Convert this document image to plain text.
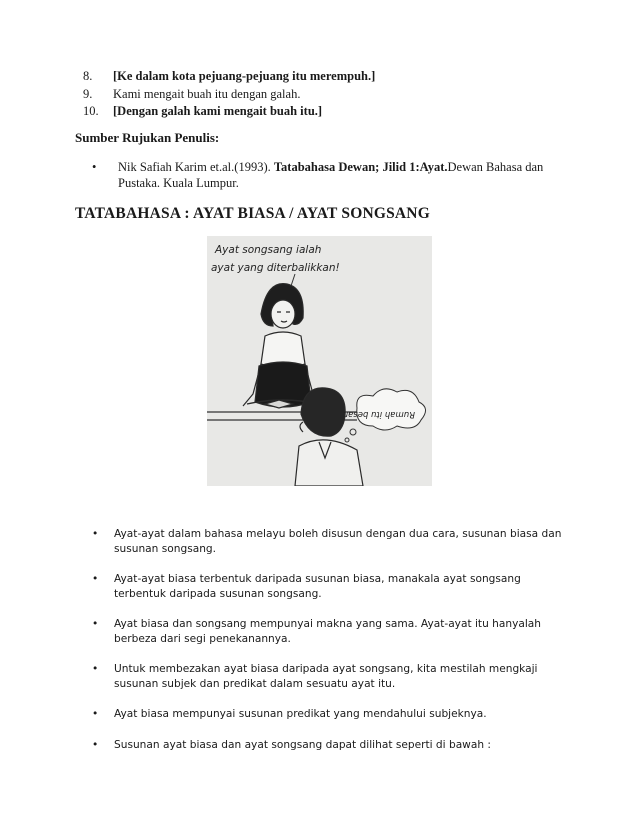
8.	[Ke dalam kota pejuang-pejuang itu merempuh.]
9.	Kami mengait buah itu dengan galah.
10.	[Dengan galah kami mengait buah itu.]
Sumber Rujukan Penulis:
•	Nik Safiah Karim et.al.(1993). Tatabahasa Dewan; Jilid 1:Ayat.Dewan Bahasa dan Pustaka. Kuala Lumpur.
TATABAHASA : AYAT BIASA / AYAT SONGSANG
Ayat songsang ialah
ayat yang diterbalikkan!
Rumah itu besar.
•	Ayat-ayat dalam bahasa melayu boleh disusun dengan dua cara, susunan biasa dan susunan songsang.
•	Ayat-ayat biasa terbentuk daripada susunan biasa, manakala ayat songsang terbentuk daripada susunan songsang.
•	Ayat biasa dan songsang mempunyai makna yang sama. Ayat-ayat itu hanyalah berbeza dari segi penekanannya.
•	Untuk membezakan ayat biasa daripada ayat songsang, kita mestilah mengkaji susunan subjek dan predikat dalam sesuatu ayat itu.
•	Ayat biasa mempunyai susunan predikat yang mendahului subjeknya.
•	Susunan ayat biasa dan ayat songsang dapat dilihat seperti di bawah :
